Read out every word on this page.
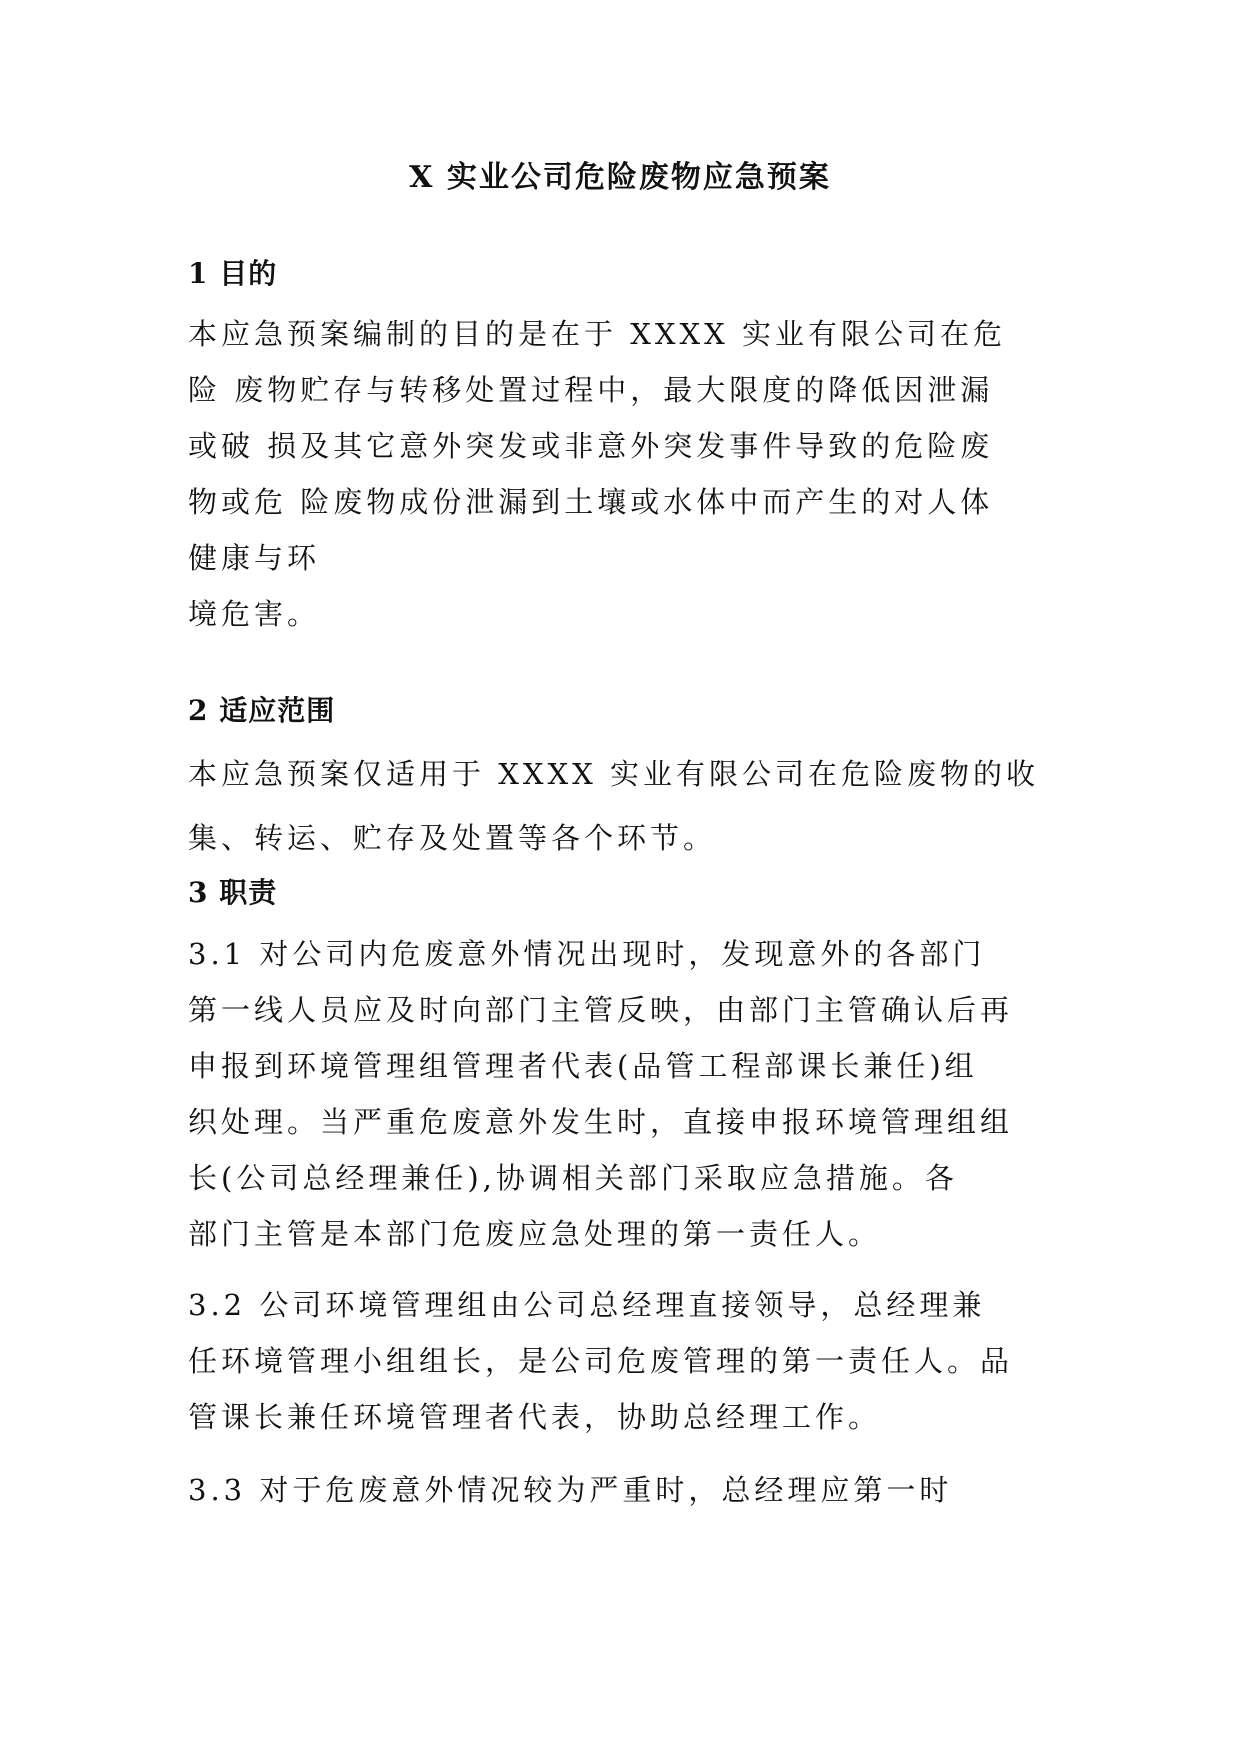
X 实业公司危险废物应急预案
1 目的

本应急预案编制的目的是在于 XXXX 实业有限公司在危
险 废物贮存与转移处置过程中，最大限度的降低因泄漏
或破 损及其它意外突发或非意外突发事件导致的危险废
物或危 险废物成份泄漏到土壤或水体中而产生的对人体
健康与环
境危害。

2 适应范围

本应急预案仅适用于 XXXX 实业有限公司在危险废物的收
集、转运、贮存及处置等各个环节。

3 职责

3.1 对公司内危废意外情况出现时，发现意外的各部门
第一线人员应及时向部门主管反映，由部门主管确认后再
申报到环境管理组管理者代表(品管工程部课长兼任)组
织处理。当严重危废意外发生时，直接申报环境管理组组
长(公司总经理兼任),协调相关部门采取应急措施。各
部门主管是本部门危废应急处理的第一责任人。

3.2 公司环境管理组由公司总经理直接领导，总经理兼
任环境管理小组组长，是公司危废管理的第一责任人。品
管课长兼任环境管理者代表，协助总经理工作。

3.3 对于危废意外情况较为严重时，总经理应第一时
